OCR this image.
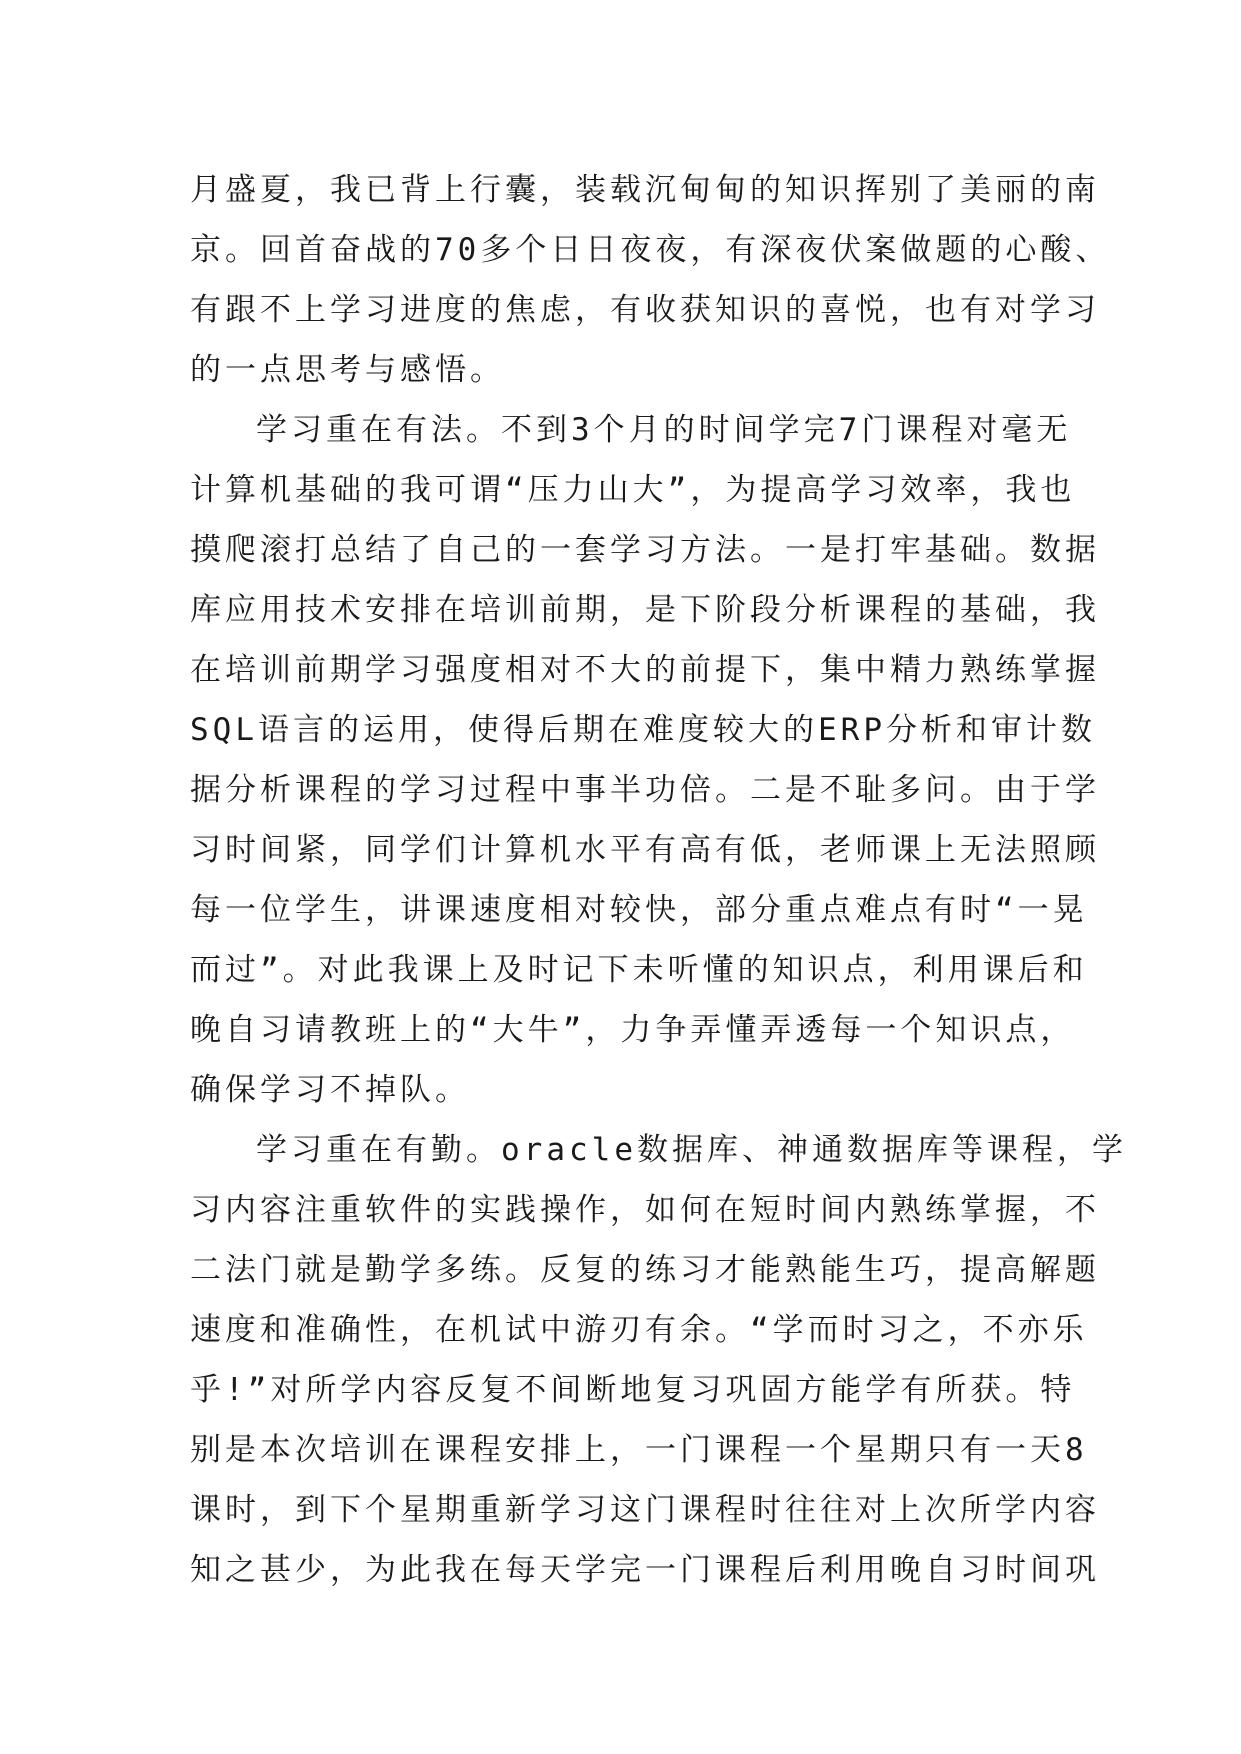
月盛夏，我已背上行囊，装载沉甸甸的知识挥别了美丽的南
京。回首奋战的70多个日日夜夜，有深夜伏案做题的心酸、
有跟不上学习进度的焦虑，有收获知识的喜悦，也有对学习
的一点思考与感悟。
学习重在有法。不到3个月的时间学完7门课程对毫无
计算机基础的我可谓“压力山大”，为提高学习效率，我也
摸爬滚打总结了自己的一套学习方法。一是打牢基础。数据
库应用技术安排在培训前期，是下阶段分析课程的基础，我
在培训前期学习强度相对不大的前提下，集中精力熟练掌握
SQL语言的运用，使得后期在难度较大的ERP分析和审计数
据分析课程的学习过程中事半功倍。二是不耻多问。由于学
习时间紧，同学们计算机水平有高有低，老师课上无法照顾
每一位学生，讲课速度相对较快，部分重点难点有时“一晃
而过”。对此我课上及时记下未听懂的知识点，利用课后和
晚自习请教班上的“大牛”，力争弄懂弄透每一个知识点，
确保学习不掉队。
学习重在有勤。oracle数据库、神通数据库等课程，学
习内容注重软件的实践操作，如何在短时间内熟练掌握，不
二法门就是勤学多练。反复的练习才能熟能生巧，提高解题
速度和准确性，在机试中游刃有余。“学而时习之，不亦乐
乎!”对所学内容反复不间断地复习巩固方能学有所获。特
别是本次培训在课程安排上，一门课程一个星期只有一天8
课时，到下个星期重新学习这门课程时往往对上次所学内容
知之甚少，为此我在每天学完一门课程后利用晚自习时间巩
